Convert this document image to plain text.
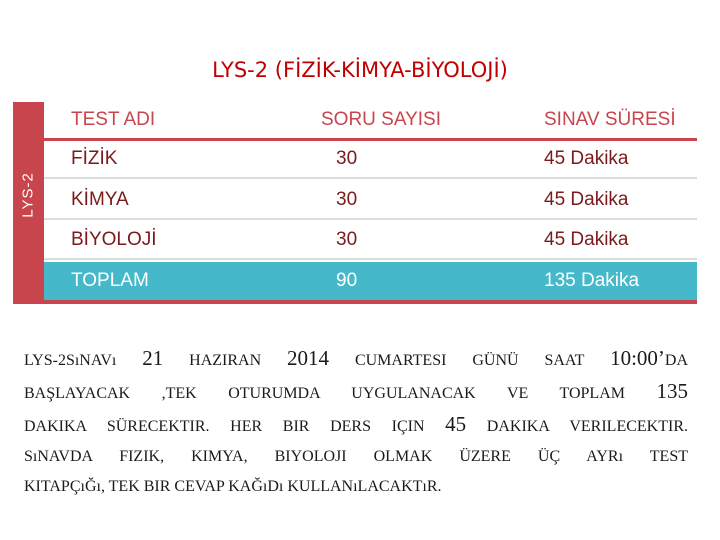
LYS-2 (FİZİK-KİMYA-BİYOLOJİ)
LYS-2
TEST ADI	SORU SAYISI	SINAV SÜRESİ
FİZİK	30	45 Dakika
KİMYA	30	45 Dakika
BİYOLOJİ	30	45 Dakika
TOPLAM	90	135 Dakika
LYS-2SıNAVı 21 HAZIRAN 2014 CUMARTESI GÜNÜ SAAT 10:00’DA
BAŞLAYACAK ,TEK OTURUMDA UYGULANACAK VE TOPLAM 135
DAKIKA SÜRECEKTIR. HER BIR DERS IÇIN 45 DAKIKA VERILECEKTIR.
SıNAVDA FIZIK, KIMYA, BIYOLOJI OLMAK ÜZERE ÜÇ AYRı TEST
KITAPÇıĞı, TEK BIR CEVAP KAĞıDı KULLANıLACAKTıR.
